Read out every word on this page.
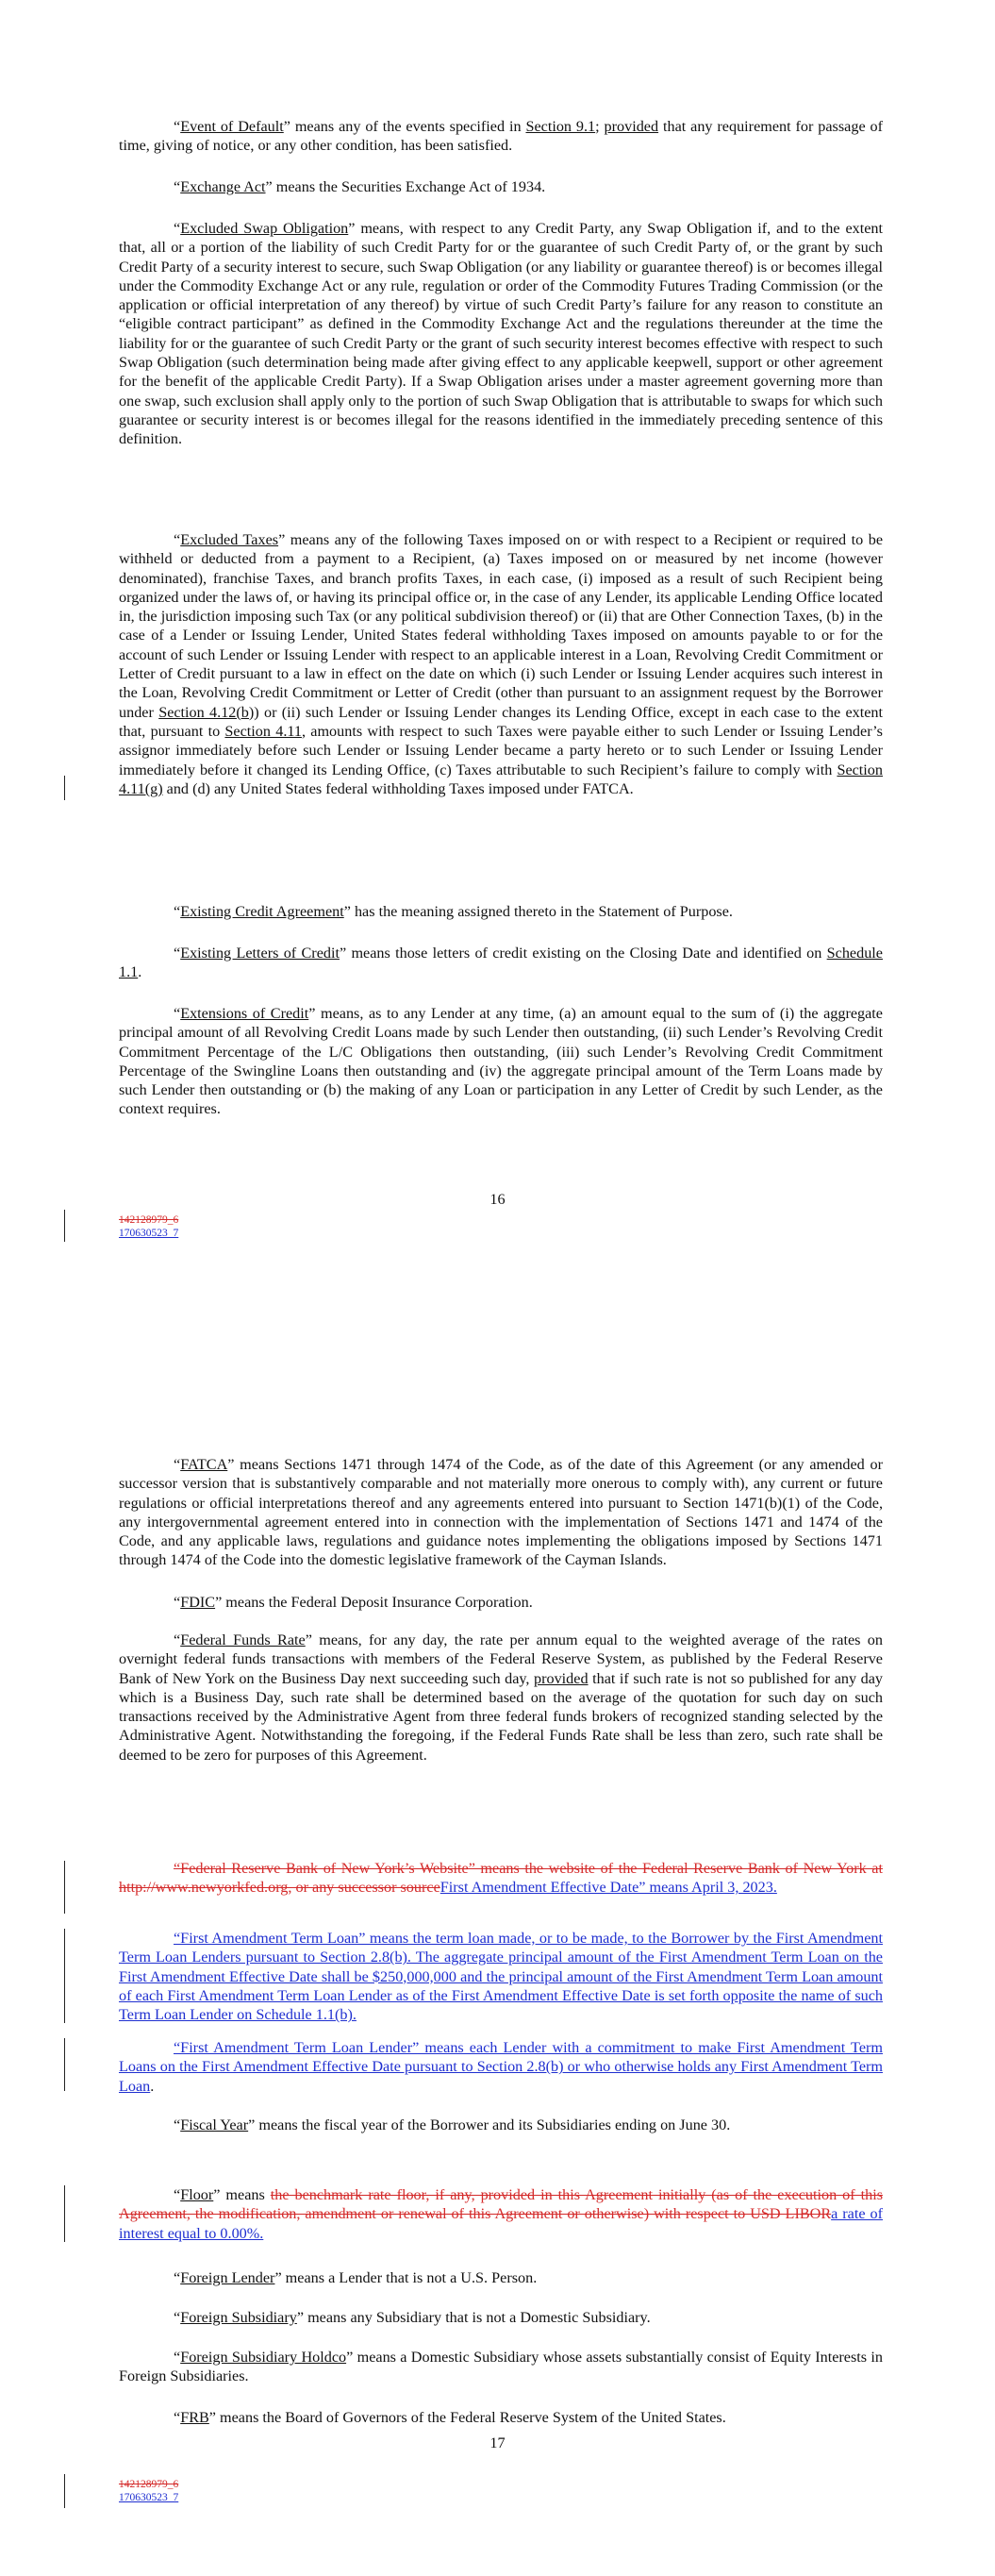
“Event of Default” means any of the events specified in Section 9.1; provided that any requirement for passage of time, giving of notice, or any other condition, has been satisfied.

“Exchange Act” means the Securities Exchange Act of 1934.

“Excluded Swap Obligation” means, with respect to any Credit Party, any Swap Obligation if, and to the extent that, all or a portion of the liability of such Credit Party for or the guarantee of such Credit Party of, or the grant by such Credit Party of a security interest to secure, such Swap Obligation (or any liability or guarantee thereof) is or becomes illegal under the Commodity Exchange Act or any rule, regulation or order of the Commodity Futures Trading Commission (or the application or official interpretation of any thereof) by virtue of such Credit Party’s failure for any reason to constitute an “eligible contract participant” as defined in the Commodity Exchange Act and the regulations thereunder at the time the liability for or the guarantee of such Credit Party or the grant of such security interest becomes effective with respect to such Swap Obligation (such determination being made after giving effect to any applicable keepwell, support or other agreement for the benefit of the applicable Credit Party). If a Swap Obligation arises under a master agreement governing more than one swap, such exclusion shall apply only to the portion of such Swap Obligation that is attributable to swaps for which such guarantee or security interest is or becomes illegal for the reasons identified in the immediately preceding sentence of this definition.

“Excluded Taxes” means any of the following Taxes imposed on or with respect to a Recipient or required to be withheld or deducted from a payment to a Recipient, (a) Taxes imposed on or measured by net income (however denominated), franchise Taxes, and branch profits Taxes, in each case, (i) imposed as a result of such Recipient being organized under the laws of, or having its principal office or, in the case of any Lender, its applicable Lending Office located in, the jurisdiction imposing such Tax (or any political subdivision thereof) or (ii) that are Other Connection Taxes, (b) in the case of a Lender or Issuing Lender, United States federal withholding Taxes imposed on amounts payable to or for the account of such Lender or Issuing Lender with respect to an applicable interest in a Loan, Revolving Credit Commitment or Letter of Credit pursuant to a law in effect on the date on which (i) such Lender or Issuing Lender acquires such interest in the Loan, Revolving Credit Commitment or Letter of Credit (other than pursuant to an assignment request by the Borrower under Section 4.12(b)) or (ii) such Lender or Issuing Lender changes its Lending Office, except in each case to the extent that, pursuant to Section 4.11, amounts with respect to such Taxes were payable either to such Lender or Issuing Lender’s assignor immediately before such Lender or Issuing Lender became a party hereto or to such Lender or Issuing Lender immediately before it changed its Lending Office, (c) Taxes attributable to such Recipient’s failure to comply with Section 4.11(g) and (d) any United States federal withholding Taxes imposed under FATCA.

“Existing Credit Agreement” has the meaning assigned thereto in the Statement of Purpose.

“Existing Letters of Credit” means those letters of credit existing on the Closing Date and identified on Schedule 1.1.

“Extensions of Credit” means, as to any Lender at any time, (a) an amount equal to the sum of (i) the aggregate principal amount of all Revolving Credit Loans made by such Lender then outstanding, (ii) such Lender’s Revolving Credit Commitment Percentage of the L/C Obligations then outstanding, (iii) such Lender’s Revolving Credit Commitment Percentage of the Swingline Loans then outstanding and (iv) the aggregate principal amount of the Term Loans made by such Lender then outstanding or (b) the making of any Loan or participation in any Letter of Credit by such Lender, as the context requires.

16
142128979_6
170630523_7

“FATCA” means Sections 1471 through 1474 of the Code, as of the date of this Agreement (or any amended or successor version that is substantively comparable and not materially more onerous to comply with), any current or future regulations or official interpretations thereof and any agreements entered into pursuant to Section 1471(b)(1) of the Code, any intergovernmental agreement entered into in connection with the implementation of Sections 1471 and 1474 of the Code, and any applicable laws, regulations and guidance notes implementing the obligations imposed by Sections 1471 through 1474 of the Code into the domestic legislative framework of the Cayman Islands.

“FDIC” means the Federal Deposit Insurance Corporation.

“Federal Funds Rate” means, for any day, the rate per annum equal to the weighted average of the rates on overnight federal funds transactions with members of the Federal Reserve System, as published by the Federal Reserve Bank of New York on the Business Day next succeeding such day, provided that if such rate is not so published for any day which is a Business Day, such rate shall be determined based on the average of the quotation for such day on such transactions received by the Administrative Agent from three federal funds brokers of recognized standing selected by the Administrative Agent. Notwithstanding the foregoing, if the Federal Funds Rate shall be less than zero, such rate shall be deemed to be zero for purposes of this Agreement.

“Federal Reserve Bank of New York’s Website” means the website of the Federal Reserve Bank of New York at http://www.newyorkfed.org, or any successor sourceFirst Amendment Effective Date” means April 3, 2023.

“First Amendment Term Loan” means the term loan made, or to be made, to the Borrower by the First Amendment Term Loan Lenders pursuant to Section 2.8(b). The aggregate principal amount of the First Amendment Term Loan on the First Amendment Effective Date shall be $250,000,000 and the principal amount of the First Amendment Term Loan amount of each First Amendment Term Loan Lender as of the First Amendment Effective Date is set forth opposite the name of such Term Loan Lender on Schedule 1.1(b).

“First Amendment Term Loan Lender” means each Lender with a commitment to make First Amendment Term Loans on the First Amendment Effective Date pursuant to Section 2.8(b) or who otherwise holds any First Amendment Term Loan.

“Fiscal Year” means the fiscal year of the Borrower and its Subsidiaries ending on June 30.

“Floor” means the benchmark rate floor, if any, provided in this Agreement initially (as of the execution of this Agreement, the modification, amendment or renewal of this Agreement or otherwise) with respect to USD LIBORa rate of interest equal to 0.00%.

“Foreign Lender” means a Lender that is not a U.S. Person.

“Foreign Subsidiary” means any Subsidiary that is not a Domestic Subsidiary.

“Foreign Subsidiary Holdco” means a Domestic Subsidiary whose assets substantially consist of Equity Interests in Foreign Subsidiaries.

“FRB” means the Board of Governors of the Federal Reserve System of the United States.

17
142128979_6
170630523_7
